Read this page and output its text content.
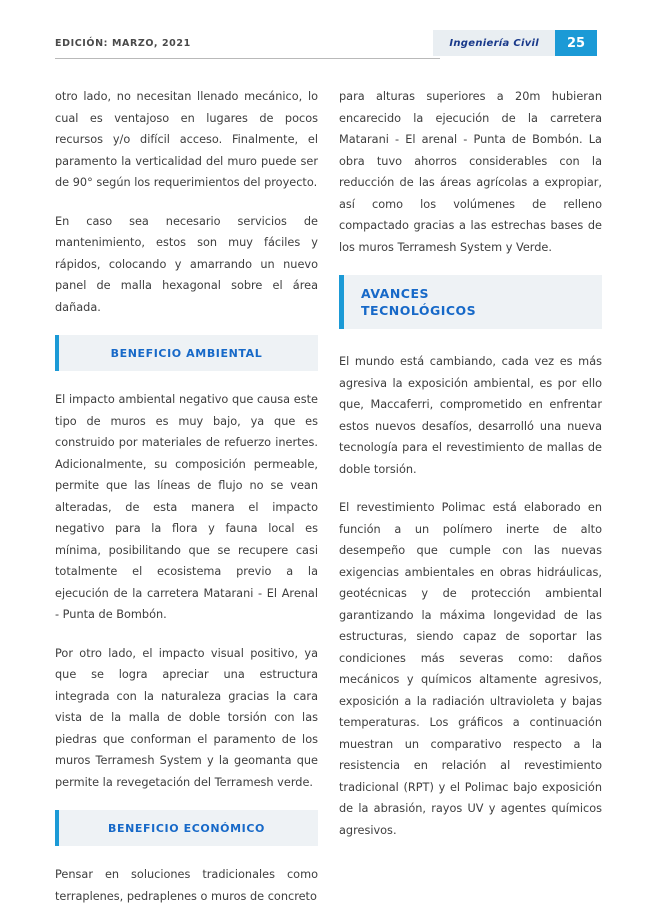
EDICIÓN: MARZO, 2021	Ingeniería Civil	25

otro lado, no necesitan llenado mecánico, lo cual es ventajoso en lugares de pocos recursos y/o difícil acceso. Finalmente, el paramento la verticalidad del muro puede ser de 90° según los requerimientos del proyecto.

En caso sea necesario servicios de mantenimiento, estos son muy fáciles y rápidos, colocando y amarrando un nuevo panel de malla hexagonal sobre el área dañada.

BENEFICIO AMBIENTAL

El impacto ambiental negativo que causa este tipo de muros es muy bajo, ya que es construido por materiales de refuerzo inertes. Adicionalmente, su composición permeable, permite que las líneas de flujo no se vean alteradas, de esta manera el impacto negativo para la flora y fauna local es mínima, posibilitando que se recupere casi totalmente el ecosistema previo a la ejecución de la carretera Matarani - El Arenal - Punta de Bombón.

Por otro lado, el impacto visual positivo, ya que se logra apreciar una estructura integrada con la naturaleza gracias la cara vista de la malla de doble torsión con las piedras que conforman el paramento de los muros Terramesh System y la geomanta que permite la revegetación del Terramesh verde.

BENEFICIO ECONÓMICO

Pensar en soluciones tradicionales como terraplenes, pedraplenes o muros de concreto

para alturas superiores a 20m hubieran encarecido la ejecución de la carretera Matarani - El arenal - Punta de Bombón. La obra tuvo ahorros considerables con la reducción de las áreas agrícolas a expropiar, así como los volúmenes de relleno compactado gracias a las estrechas bases de los muros Terramesh System y Verde.

AVANCES
TECNOLÓGICOS

El mundo está cambiando, cada vez es más agresiva la exposición ambiental, es por ello que, Maccaferri, comprometido en enfrentar estos nuevos desafíos, desarrolló una nueva tecnología para el revestimiento de mallas de doble torsión.

El revestimiento Polimac está elaborado en función a un polímero inerte de alto desempeño que cumple con las nuevas exigencias ambientales en obras hidráulicas, geotécnicas y de protección ambiental garantizando la máxima longevidad de las estructuras, siendo capaz de soportar las condiciones más severas como: daños mecánicos y químicos altamente agresivos, exposición a la radiación ultravioleta y bajas temperaturas. Los gráficos a continuación muestran un comparativo respecto a la resistencia en relación al revestimiento tradicional (RPT) y el Polimac bajo exposición de la abrasión, rayos UV y agentes químicos agresivos.
